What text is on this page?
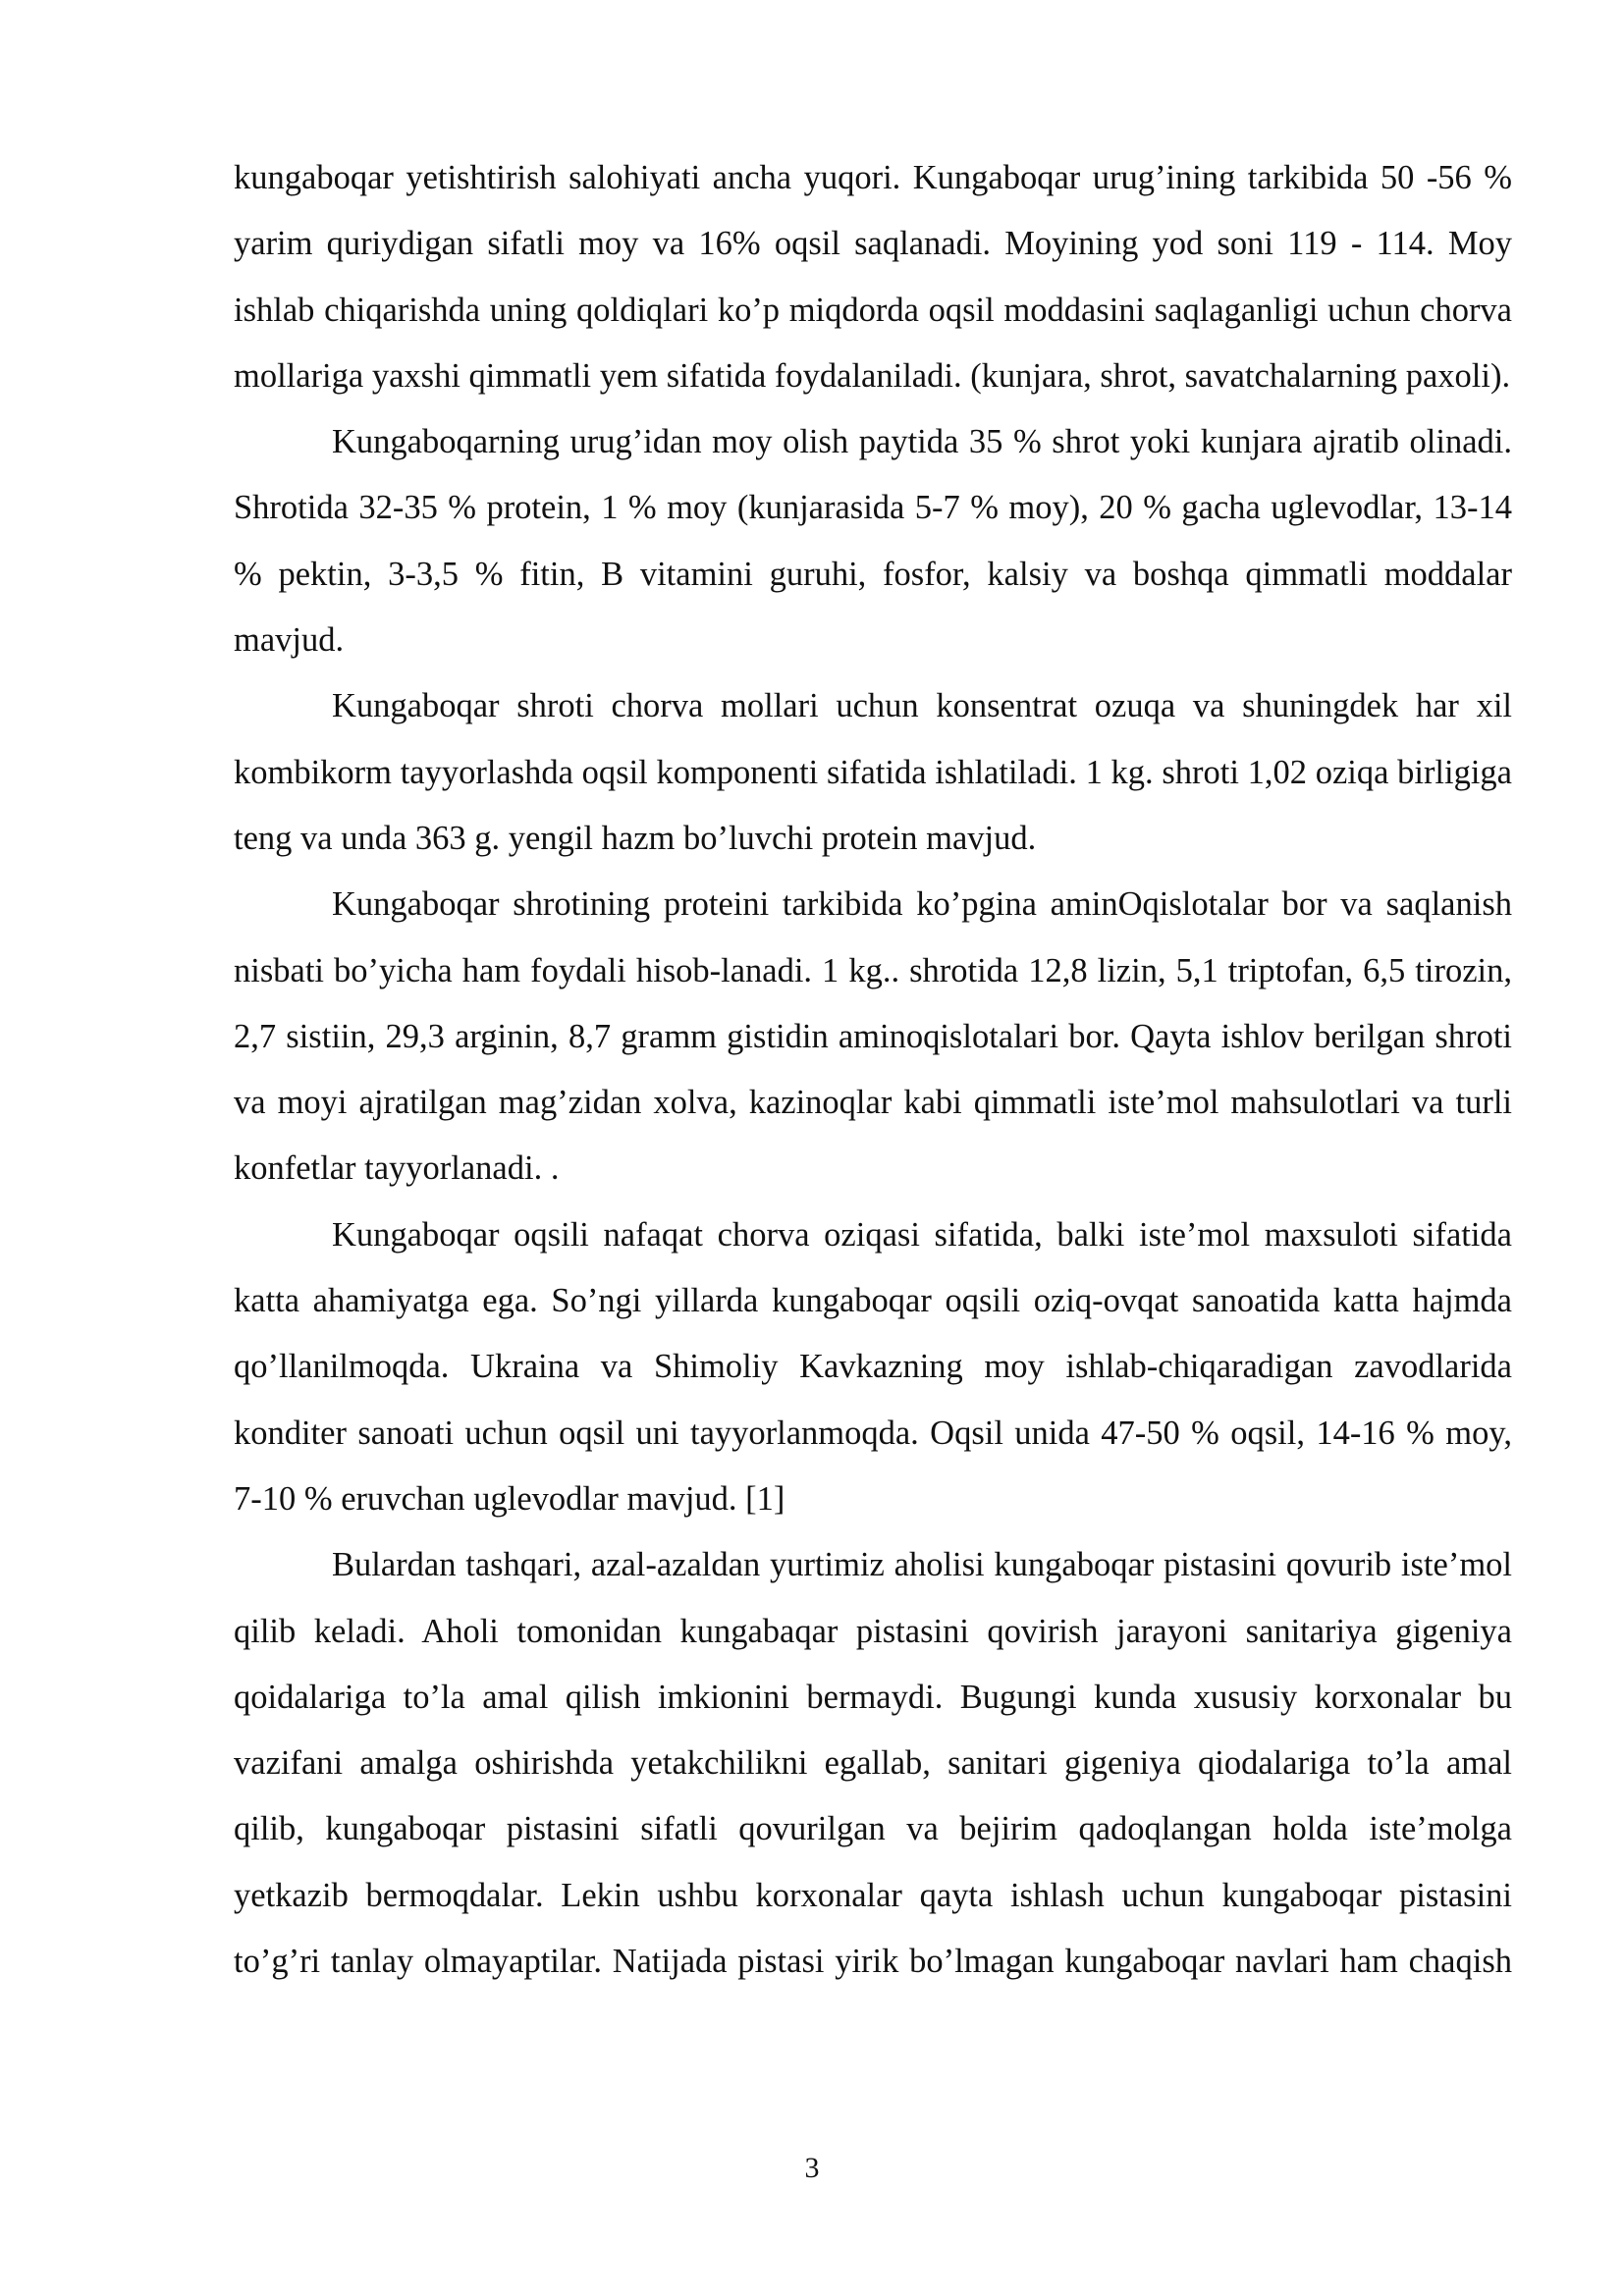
kungaboqar yetishtirish salohiyati ancha yuqori. Kungaboqar urug’ining tarkibida 50 -56 % yarim quriydigan sifatli moy va 16% oqsil saqlanadi. Moyining yod soni 119 - 114. Moy ishlab chiqarishda uning qoldiqlari ko’p miqdorda oqsil moddasini saqlaganligi uchun chorva mollariga yaxshi qimmatli yem sifatida foydalaniladi. (kunjara, shrot, savatchalarning paxoli).

Kungaboqarning urug’idan moy olish paytida 35 % shrot yoki kunjara ajratib olinadi. Shrotida 32-35 % protein, 1 % moy (kunjarasida 5-7 % moy), 20 % gacha uglevodlar, 13-14 % pektin, 3-3,5 % fitin, B vitamini guruhi, fosfor, kalsiy va boshqa qimmatli moddalar mavjud.

Kungaboqar shroti chorva mollari uchun konsentrat ozuqa va shuningdek har xil kombikorm tayyorlashda oqsil komponenti sifatida ishlatiladi. 1 kg. shroti 1,02 oziqa birligiga teng va unda 363 g. yengil hazm bo’luvchi protein mavjud.

Kungaboqar shrotining proteini tarkibida ko’pgina aminOqislotalar bor va saqlanish nisbati bo’yicha ham foydali hisob-lanadi. 1 kg.. shrotida 12,8 lizin, 5,1 triptofan, 6,5 tirozin, 2,7 sistiin, 29,3 arginin, 8,7 gramm gistidin aminoqislotalari bor. Qayta ishlov berilgan shroti va moyi ajratilgan mag’zidan xolva, kazinoqlar kabi qimmatli iste’mol mahsulotlari va turli konfetlar tayyorlanadi. .

Kungaboqar oqsili nafaqat chorva oziqasi sifatida, balki iste’mol maxsuloti sifatida katta ahamiyatga ega. So’ngi yillarda kungaboqar oqsili oziq-ovqat sanoatida katta hajmda qo’llanilmoqda. Ukraina va Shimoliy Kavkazning moy ishlab-chiqaradigan zavodlarida konditer sanoati uchun oqsil uni tayyorlanmoqda. Oqsil unida 47-50 % oqsil, 14-16 % moy, 7-10 % eruvchan uglevodlar mavjud. [1]

Bulardan tashqari, azal-azaldan yurtimiz aholisi kungaboqar pistasini qovurib iste’mol qilib keladi. Aholi tomonidan kungabaqar pistasini qovirish jarayoni sanitariya gigeniya qoidalariga to’la amal qilish imkionini bermaydi. Bugungi kunda xususiy korxonalar bu vazifani amalga oshirishda yetakchilikni egallab, sanitari gigeniya qiodalariga to’la amal qilib, kungaboqar pistasini sifatli qovurilgan va bejirim qadoqlangan holda iste’molga yetkazib bermoqdalar. Lekin ushbu korxonalar qayta ishlash uchun kungaboqar pistasini to’g’ri tanlay olmayaptilar. Natijada pistasi yirik bo’lmagan kungaboqar navlari ham chaqish

3
